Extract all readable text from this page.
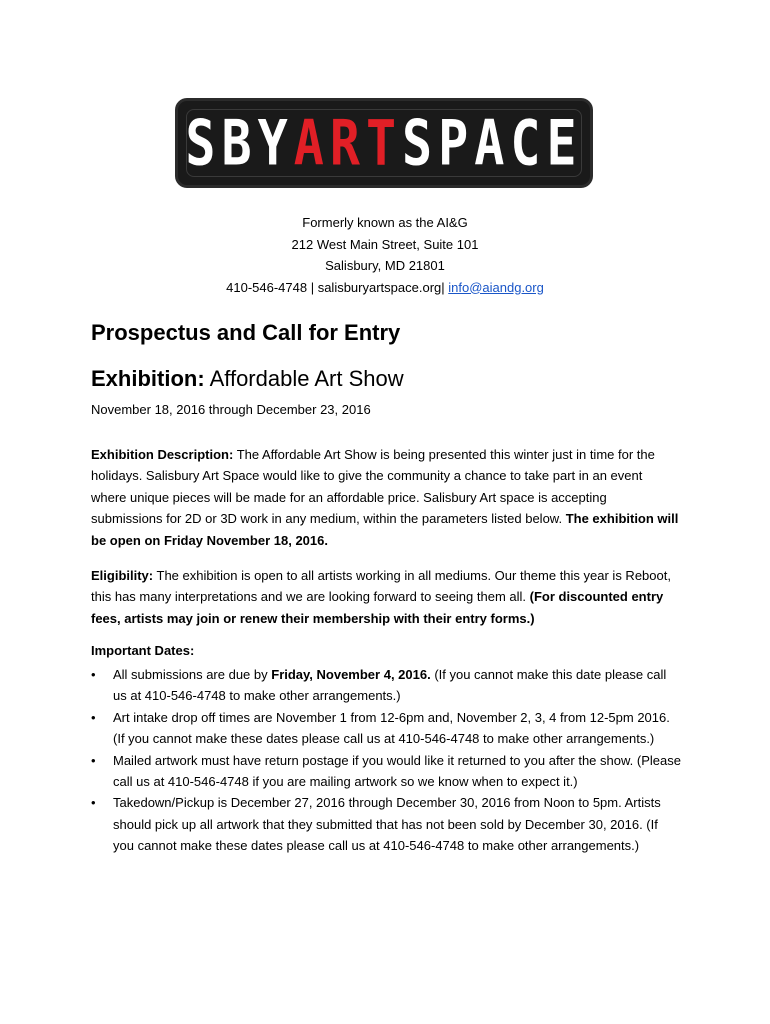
SBYARTSPACE
Formerly known as the AI&G
212 West Main Street, Suite 101
Salisbury, MD 21801
410-546-4748 | salisburyartspace.org| info@aiandg.org
Prospectus and Call for Entry
Exhibition: Affordable Art Show
November 18, 2016 through December 23, 2016
Exhibition Description: The Affordable Art Show is being presented this winter just in time for the holidays. Salisbury Art Space would like to give the community a chance to take part in an event where unique pieces will be made for an affordable price. Salisbury Art space is accepting submissions for 2D or 3D work in any medium, within the parameters listed below. The exhibition will be open on Friday November 18, 2016.
Eligibility: The exhibition is open to all artists working in all mediums. Our theme this year is Reboot, this has many interpretations and we are looking forward to seeing them all. (For discounted entry fees, artists may join or renew their membership with their entry forms.)
Important Dates:
• All submissions are due by Friday, November 4, 2016. (If you cannot make this date please call us at 410-546-4748 to make other arrangements.)
• Art intake drop off times are November 1 from 12-6pm and, November 2, 3, 4 from 12-5pm 2016. (If you cannot make these dates please call us at 410-546-4748 to make other arrangements.)
• Mailed artwork must have return postage if you would like it returned to you after the show. (Please call us at 410-546-4748 if you are mailing artwork so we know when to expect it.)
• Takedown/Pickup is December 27, 2016 through December 30, 2016 from Noon to 5pm. Artists should pick up all artwork that they submitted that has not been sold by December 30, 2016. (If you cannot make these dates please call us at 410-546-4748 to make other arrangements.)
